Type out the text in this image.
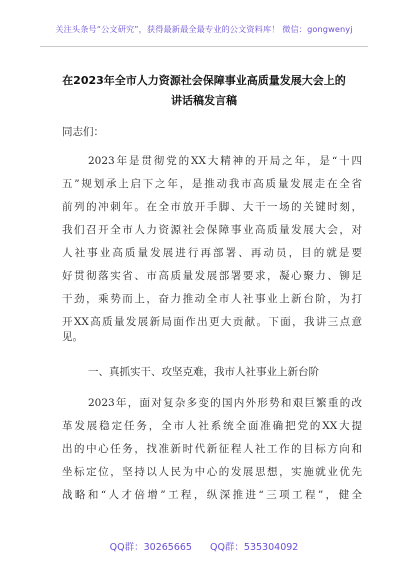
关注头条号“公文研究”，获得最新最全最专业的公文资料库！ 微信：gongwenyj
在2023年全市人力资源社会保障事业高质量发展大会上的
讲话稿发言稿
同志们：
2023年是贯彻党的XX大精神的开局之年，是“十四
五”规划承上启下之年，是推动我市高质量发展走在全省
前列的冲刺年。在全市放开手脚、大干一场的关键时刻，
我们召开全市人力资源社会保障事业高质量发展大会，对
人社事业高质量发展进行再部署、再动员，目的就是要
好贯彻落实省、市高质量发展部署要求，凝心聚力、铆足
干劲，乘势而上，奋力推动全市人社事业上新台阶，为打
开XX高质量发展新局面作出更大贡献。下面，我讲三点意
见。
一、真抓实干、攻坚克难，我市人社事业上新台阶
2023年，面对复杂多变的国内外形势和艰巨繁重的改
革发展稳定任务，全市人社系统全面准确把党的XX大提
出的中心任务，找准新时代新征程人社工作的目标方向和
坐标定位，坚持以人民为中心的发展思想，实施就业优先
战略和“人才倍增”工程，纵深推进“三项工程”，健全
QQ群：30265665 QQ群：535304092
